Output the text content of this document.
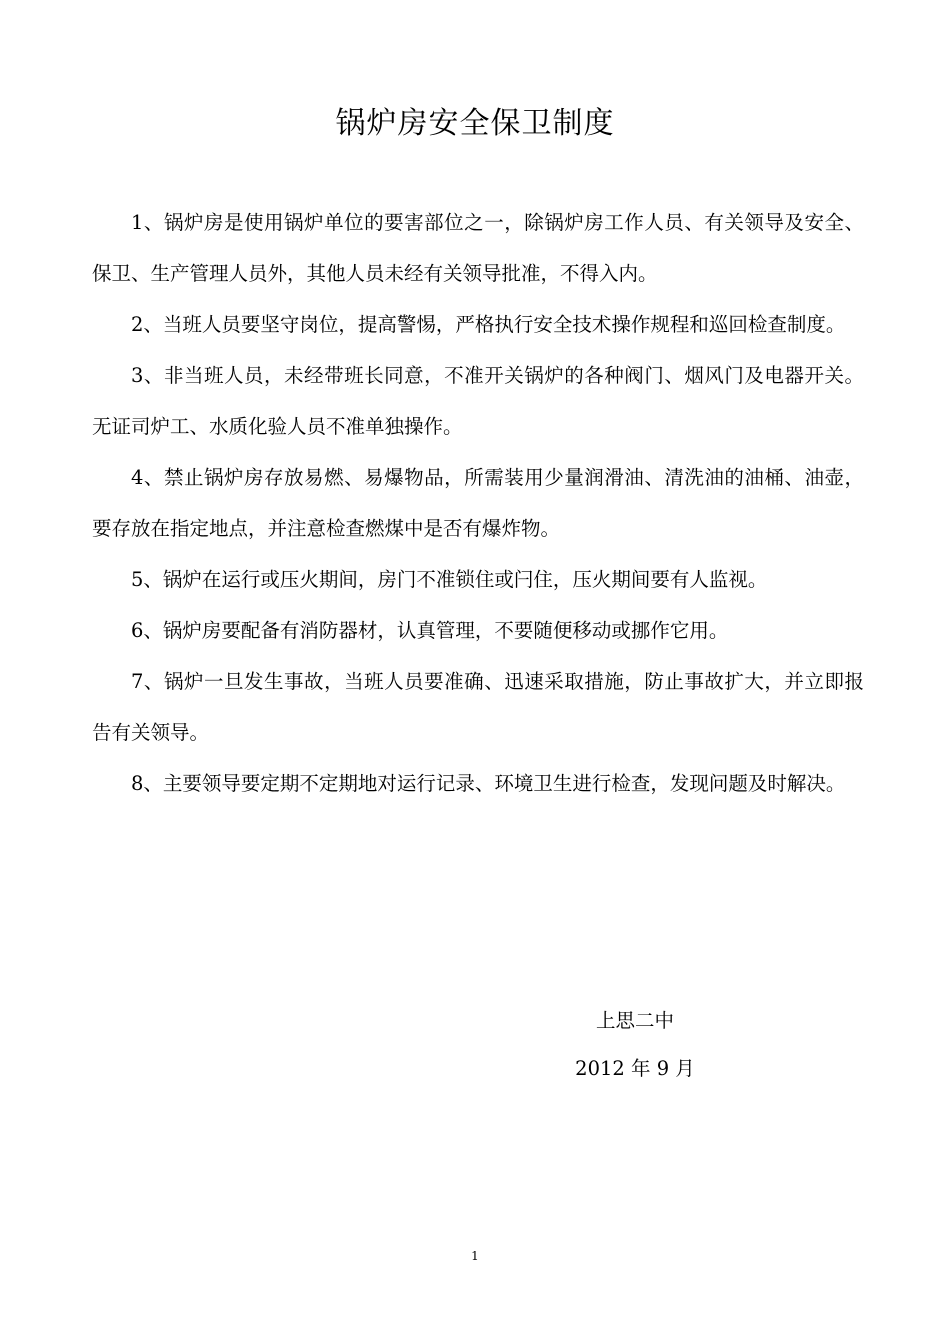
锅炉房安全保卫制度

1、锅炉房是使用锅炉单位的要害部位之一，除锅炉房工作人员、有关领导及安全、保卫、生产管理人员外，其他人员未经有关领导批准，不得入内。

2、当班人员要坚守岗位，提高警惕，严格执行安全技术操作规程和巡回检查制度。

3、非当班人员，未经带班长同意，不准开关锅炉的各种阀门、烟风门及电器开关。无证司炉工、水质化验人员不准单独操作。

4、禁止锅炉房存放易燃、易爆物品，所需装用少量润滑油、清洗油的油桶、油壶，要存放在指定地点，并注意检查燃煤中是否有爆炸物。

5、锅炉在运行或压火期间，房门不准锁住或闩住，压火期间要有人监视。

6、锅炉房要配备有消防器材，认真管理，不要随便移动或挪作它用。

7、锅炉一旦发生事故，当班人员要准确、迅速采取措施，防止事故扩大，并立即报告有关领导。

8、主要领导要定期不定期地对运行记录、环境卫生进行检查，发现问题及时解决。

上思二中
2012 年 9 月
1
